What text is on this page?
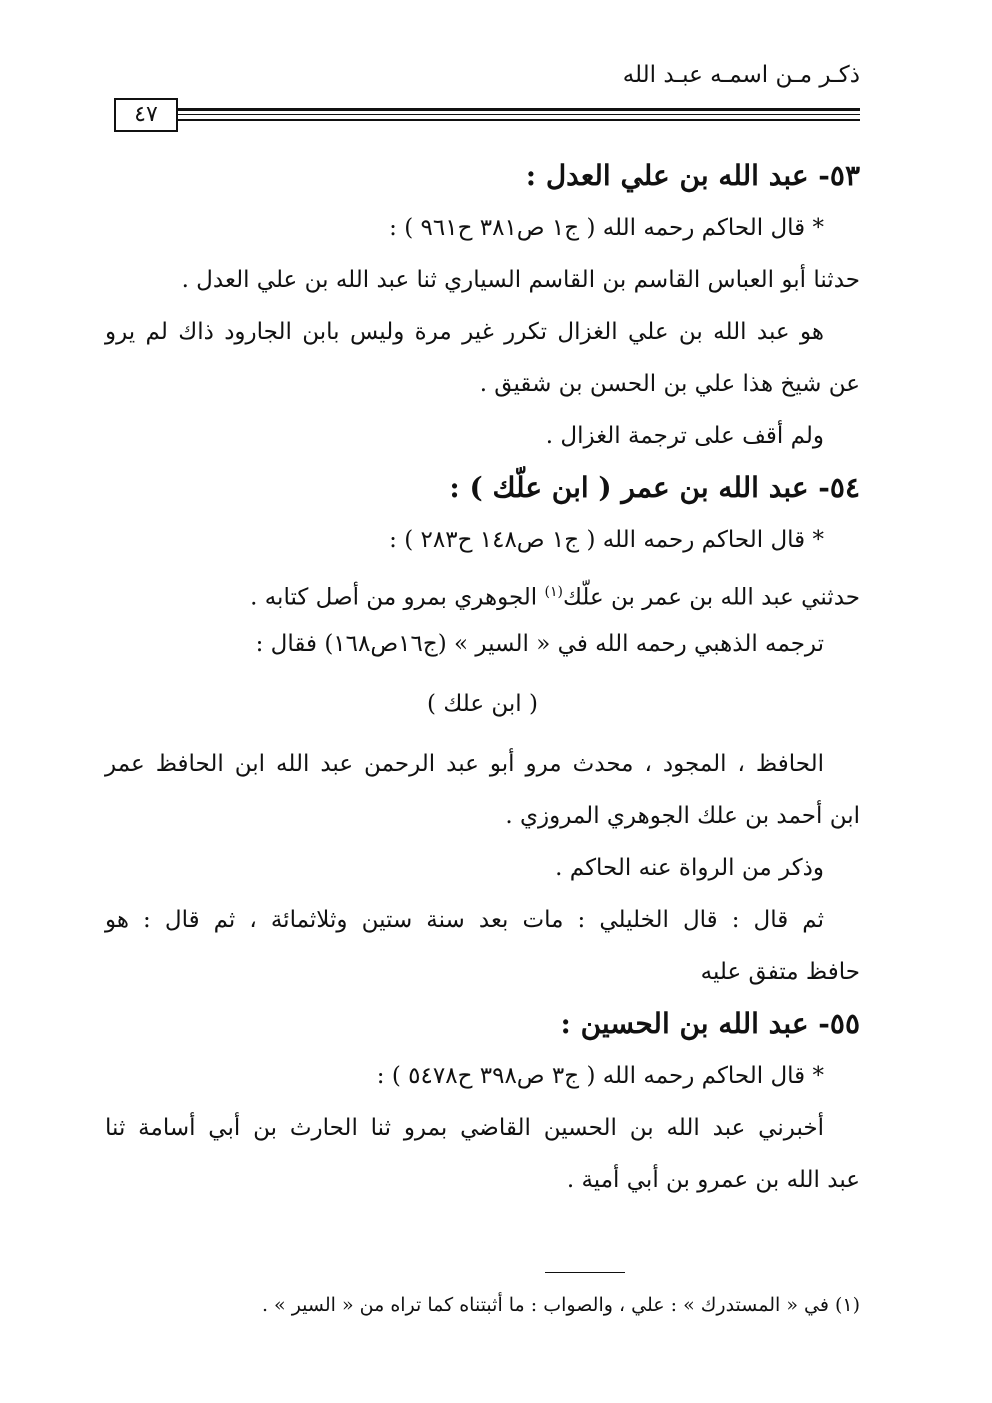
ذكـر مـن اسمـه عبـد الله
٤٧
٥٣- عبد الله بن علي العدل :
* قال الحاكم رحمه الله ( ج١ ص٣٨١ ح٩٦١ ) :
حدثنا أبو العباس القاسم بن القاسم السياري ثنا عبد الله بن علي العدل .
هو عبد الله بن علي الغزال تكرر غير مرة وليس بابن الجارود ذاك لم يرو
عن شيخ هذا علي بن الحسن بن شقيق .
ولم أقف على ترجمة الغزال .
٥٤- عبد الله بن عمر ( ابن علّك ) :
* قال الحاكم رحمه الله ( ج١ ص١٤٨ ح٢٨٣ ) :
حدثني عبد الله بن عمر بن علّك$^{(١)}$ الجوهري بمرو من أصل كتابه .
ترجمه الذهبي رحمه الله في « السير » (ج١٦ص١٦٨) فقال :
( ابن علك )
الحافظ ، المجود ، محدث مرو أبو عبد الرحمن عبد الله ابن الحافظ عمر
ابن أحمد بن علك الجوهري المروزي .
وذكر من الرواة عنه الحاكم .
ثم قال : قال الخليلي : مات بعد سنة ستين وثلاثمائة ، ثم قال : هو
حافظ متفق عليه
٥٥- عبد الله بن الحسين :
* قال الحاكم رحمه الله ( ج٣ ص٣٩٨ ح٥٤٧٨ ) :
أخبرني عبد الله بن الحسين القاضي بمرو ثنا الحارث بن أبي أسامة ثنا
عبد الله بن عمرو بن أبي أمية .
(١) في « المستدرك » : علي ، والصواب : ما أثبتناه كما تراه من « السير » .
